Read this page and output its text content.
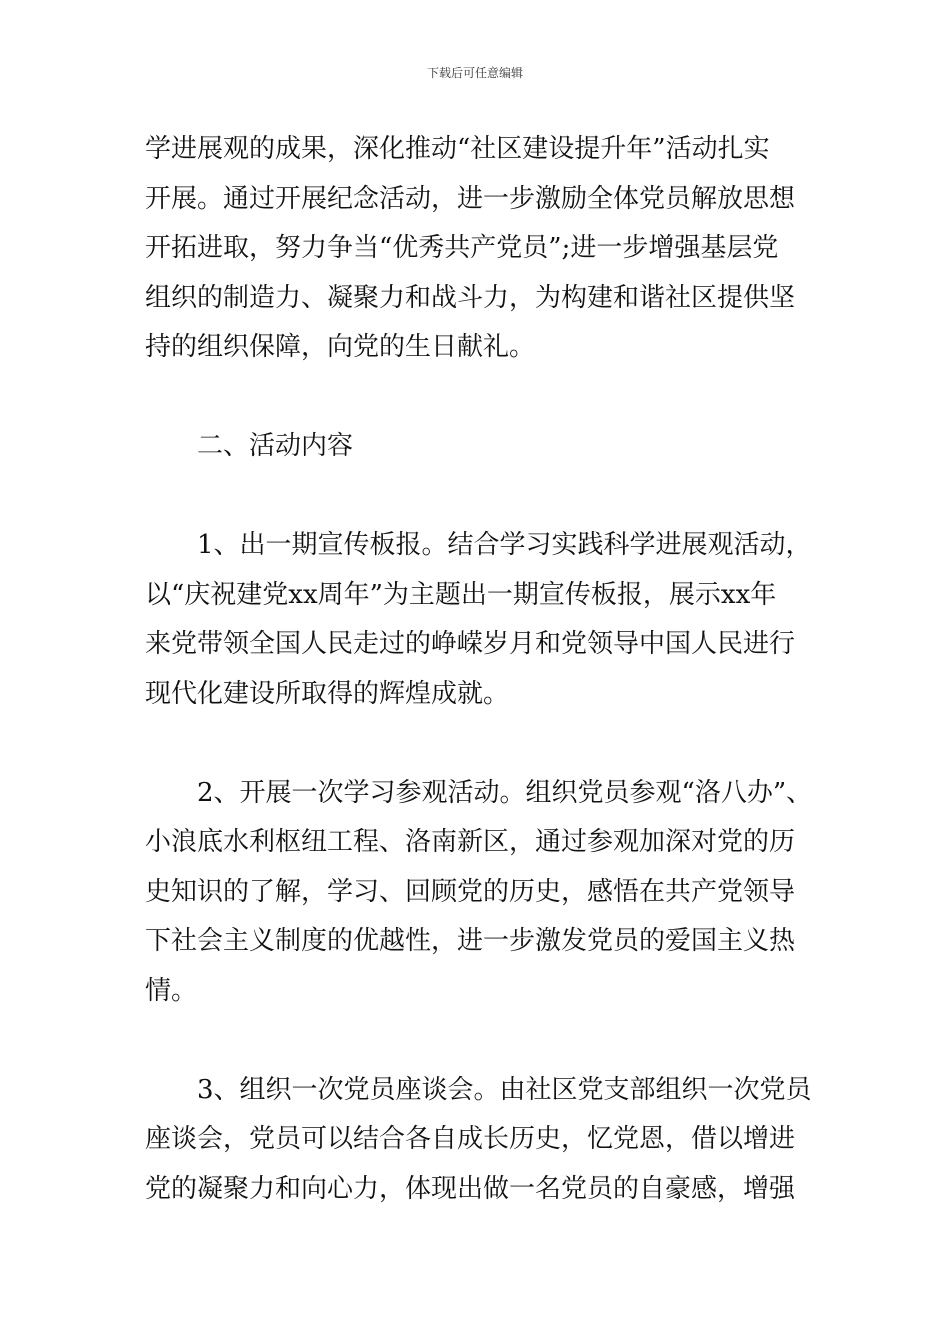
下载后可任意编辑
学进展观的成果，深化推动“社区建设提升年”活动扎实
开展。通过开展纪念活动，进一步激励全体党员解放思想
开拓进取，努力争当“优秀共产党员”;进一步增强基层党
组织的制造力、凝聚力和战斗力，为构建和谐社区提供坚
持的组织保障，向党的生日献礼。
二、活动内容
1、出一期宣传板报。结合学习实践科学进展观活动，
以“庆祝建党xx周年”为主题出一期宣传板报，展示xx年
来党带领全国人民走过的峥嵘岁月和党领导中国人民进行
现代化建设所取得的辉煌成就。
2、开展一次学习参观活动。组织党员参观“洛八办”、
小浪底水利枢纽工程、洛南新区，通过参观加深对党的历
史知识的了解，学习、回顾党的历史，感悟在共产党领导
下社会主义制度的优越性，进一步激发党员的爱国主义热
情。
3、组织一次党员座谈会。由社区党支部组织一次党员
座谈会，党员可以结合各自成长历史，忆党恩，借以增进
党的凝聚力和向心力，体现出做一名党员的自豪感，增强
